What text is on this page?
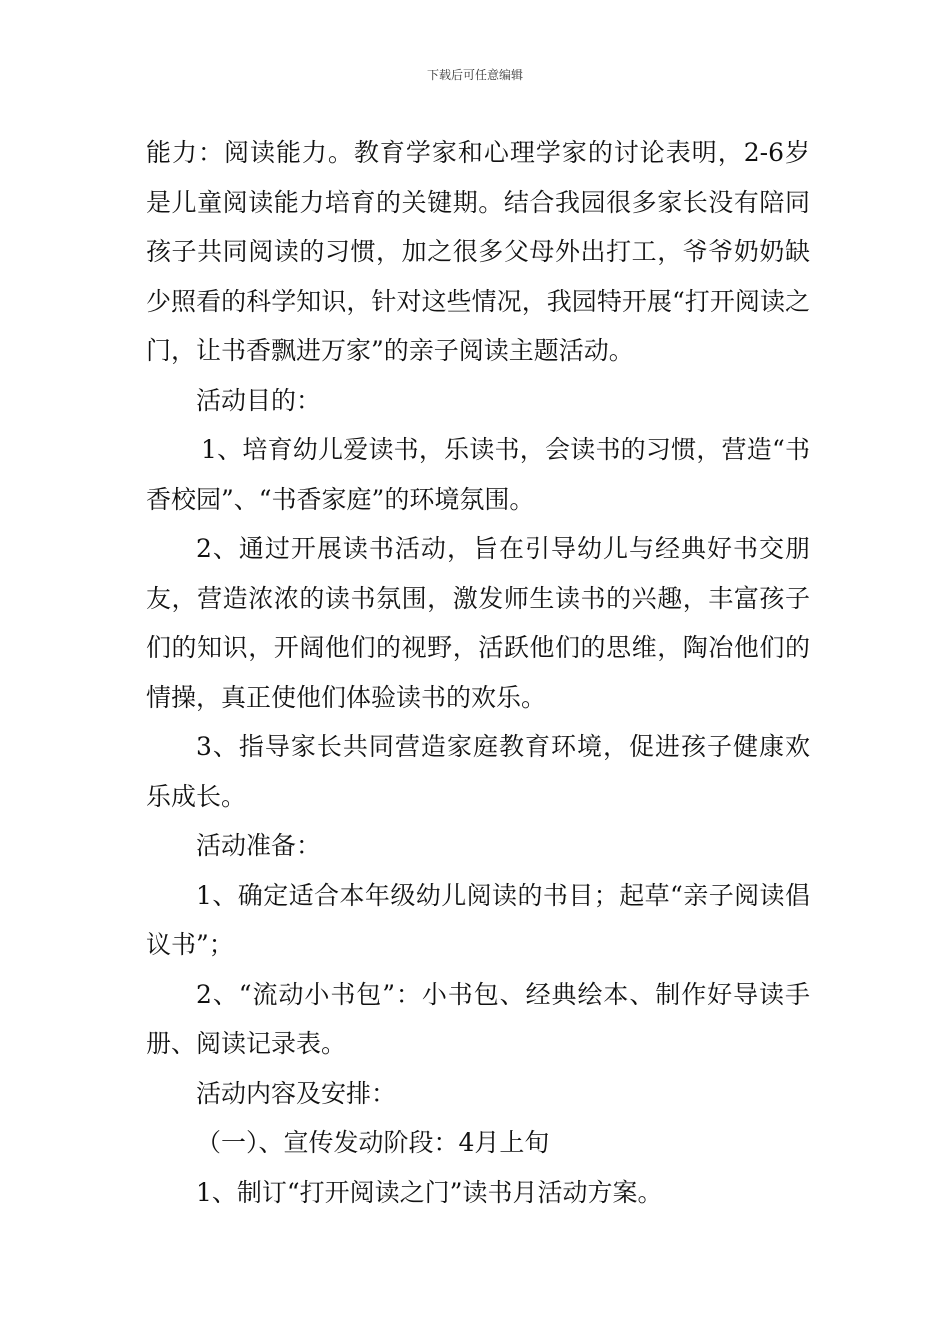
下载后可任意编辑

能力：阅读能力。教育学家和心理学家的讨论表明，2-6岁是儿童阅读能力培育的关键期。结合我园很多家长没有陪同孩子共同阅读的习惯，加之很多父母外出打工，爷爷奶奶缺少照看的科学知识，针对这些情况，我园特开展“打开阅读之门，让书香飘进万家”的亲子阅读主题活动。

活动目的：

1、培育幼儿爱读书，乐读书，会读书的习惯，营造“书香校园”、“书香家庭”的环境氛围。

2、通过开展读书活动，旨在引导幼儿与经典好书交朋友，营造浓浓的读书氛围，激发师生读书的兴趣，丰富孩子们的知识，开阔他们的视野，活跃他们的思维，陶冶他们的情操，真正使他们体验读书的欢乐。

3、指导家长共同营造家庭教育环境，促进孩子健康欢乐成长。

活动准备：

1、确定适合本年级幼儿阅读的书目；起草“亲子阅读倡议书”；

2、“流动小书包”：小书包、经典绘本、制作好导读手册、阅读记录表。

活动内容及安排：

（一）、宣传发动阶段：4月上旬

1、制订“打开阅读之门”读书月活动方案。
